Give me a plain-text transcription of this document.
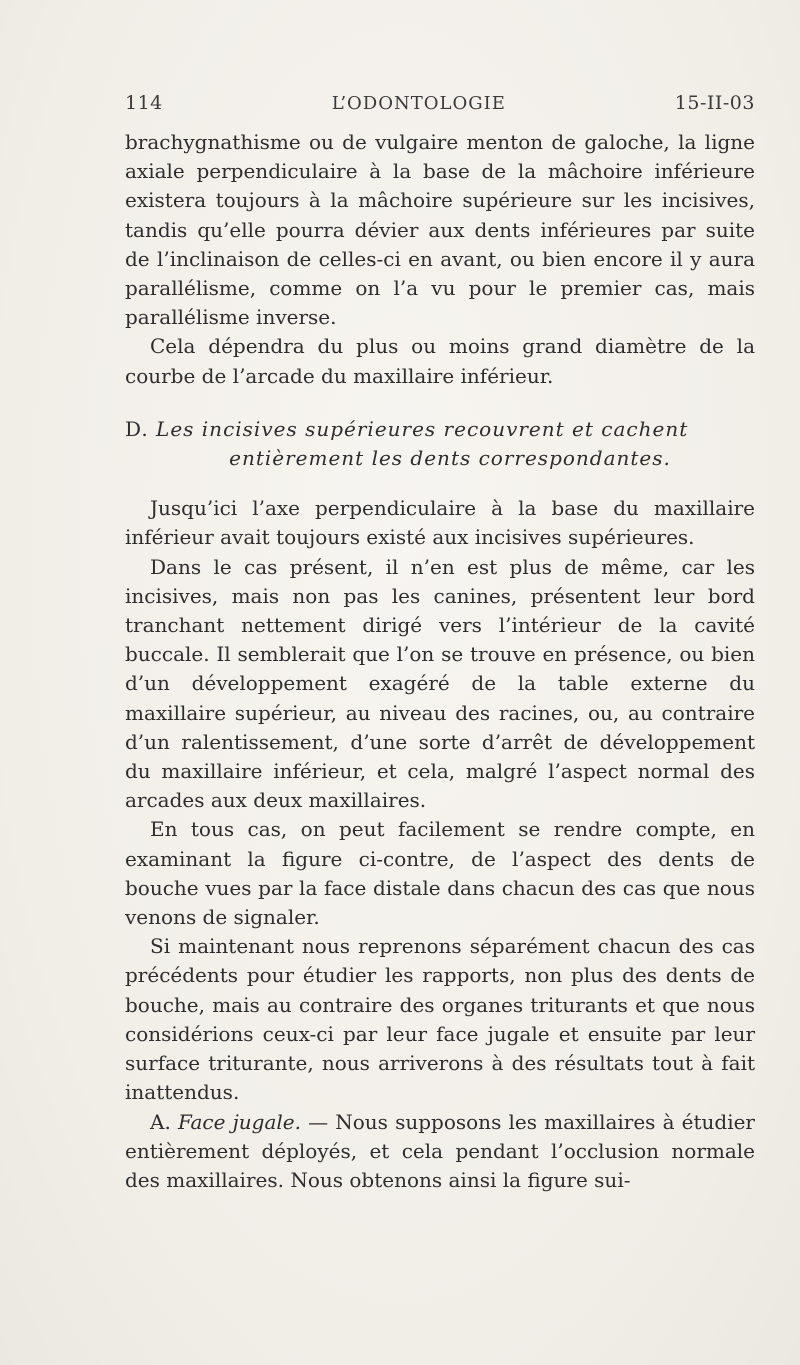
114	L’ODONTOLOGIE	15-II-03

brachygnathisme ou de vulgaire menton de galoche, la ligne axiale perpendiculaire à la base de la mâchoire inférieure existera toujours à la mâchoire supérieure sur les incisives, tandis qu’elle pourra dévier aux dents inférieures par suite de l’inclinaison de celles-ci en avant, ou bien encore il y aura parallélisme, comme on l’a vu pour le premier cas, mais parallélisme inverse.

Cela dépendra du plus ou moins grand diamètre de la courbe de l’arcade du maxillaire inférieur.

D. Les incisives supérieures recouvrent et cachent

entièrement les dents correspondantes.

Jusqu’ici l’axe perpendiculaire à la base du maxillaire inférieur avait toujours existé aux incisives supérieures.

Dans le cas présent, il n’en est plus de même, car les incisives, mais non pas les canines, présentent leur bord tranchant nettement dirigé vers l’intérieur de la cavité buccale. Il semblerait que l’on se trouve en présence, ou bien d’un développement exagéré de la table externe du maxillaire supérieur, au niveau des racines, ou, au contraire d’un ralentissement, d’une sorte d’arrêt de développement du maxillaire inférieur, et cela, malgré l’aspect normal des arcades aux deux maxillaires.

En tous cas, on peut facilement se rendre compte, en examinant la figure ci-contre, de l’aspect des dents de bouche vues par la face distale dans chacun des cas que nous venons de signaler.

Si maintenant nous reprenons séparément chacun des cas précédents pour étudier les rapports, non plus des dents de bouche, mais au contraire des organes triturants et que nous considérions ceux-ci par leur face jugale et ensuite par leur surface triturante, nous arriverons à des résultats tout à fait inattendus.

A. Face jugale. — Nous supposons les maxillaires à étudier entièrement déployés, et cela pendant l’occlusion normale des maxillaires. Nous obtenons ainsi la figure sui-
